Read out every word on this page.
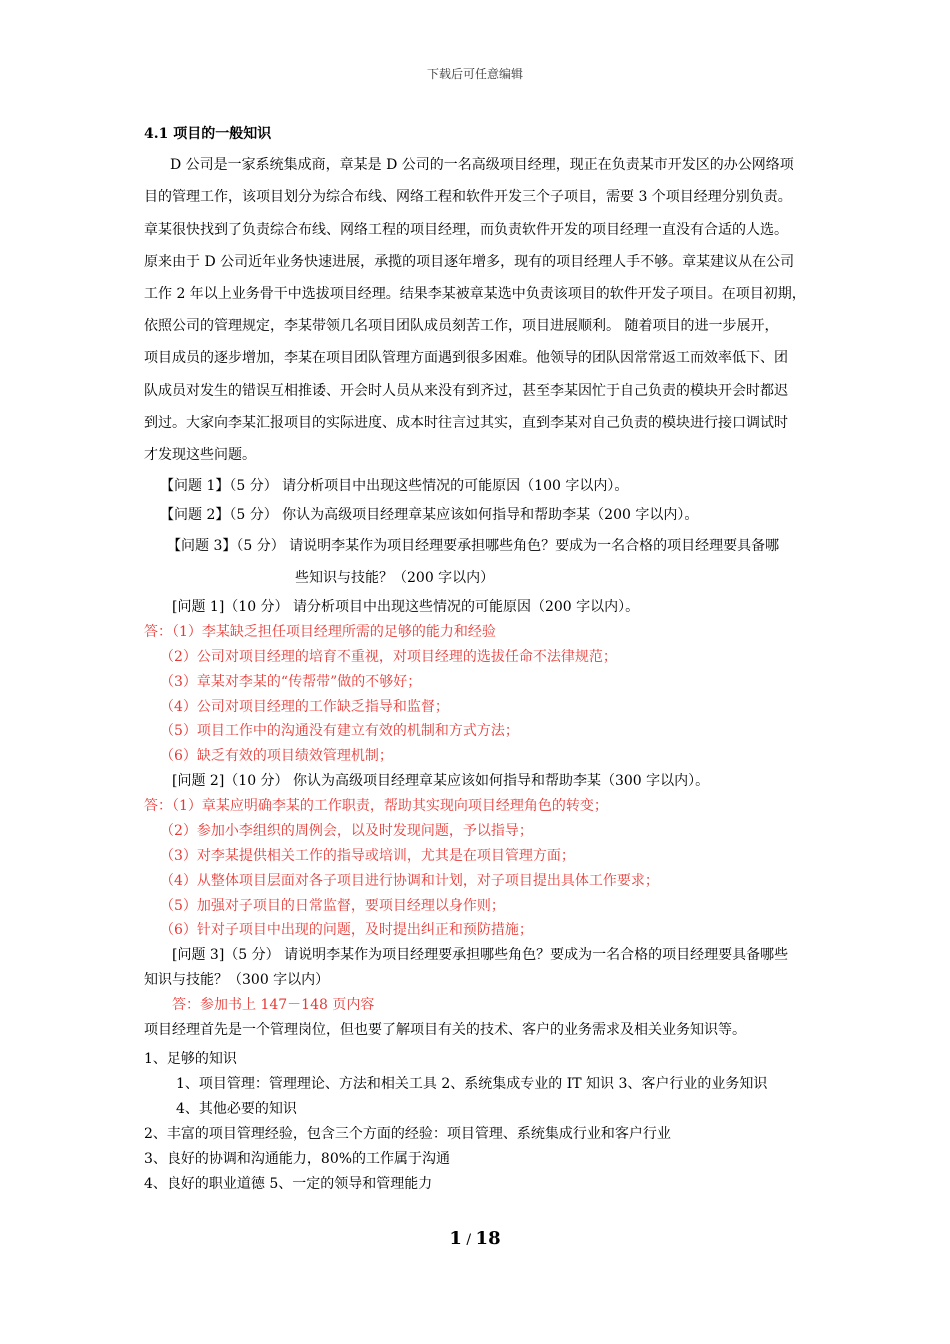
下载后可任意编辑
4.1 项目的一般知识
D 公司是一家系统集成商，章某是 D 公司的一名高级项目经理，现正在负责某市开发区的办公网络项
目的管理工作，该项目划分为综合布线、网络工程和软件开发三个子项目，需要 3 个项目经理分别负责。
章某很快找到了负责综合布线、网络工程的项目经理，而负责软件开发的项目经理一直没有合适的人选。
原来由于 D 公司近年业务快速进展，承揽的项目逐年增多，现有的项目经理人手不够。章某建议从在公司
工作 2 年以上业务骨干中选拔项目经理。结果李某被章某选中负责该项目的软件开发子项目。在项目初期，
依照公司的管理规定，李某带领几名项目团队成员刻苦工作，项目进展顺利。 随着项目的进一步展开，
项目成员的逐步增加，李某在项目团队管理方面遇到很多困难。他领导的团队因常常返工而效率低下、团
队成员对发生的错误互相推诿、开会时人员从来没有到齐过，甚至李某因忙于自己负责的模块开会时都迟
到过。大家向李某汇报项目的实际进度、成本时往言过其实，直到李某对自己负责的模块进行接口调试时
才发现这些问题。
【问题 1】（5 分） 请分析项目中出现这些情况的可能原因（100 字以内）。
【问题 2】（5 分） 你认为高级项目经理章某应该如何指导和帮助李某（200 字以内）。
【问题 3】（5 分） 请说明李某作为项目经理要承担哪些角色？要成为一名合格的项目经理要具备哪
些知识与技能？（200 字以内）
[问题 1]（10 分） 请分析项目中出现这些情况的可能原因（200 字以内）。
答：（1）李某缺乏担任项目经理所需的足够的能力和经验
（2）公司对项目经理的培育不重视，对项目经理的选拔任命不法律规范；
（3）章某对李某的“传帮带”做的不够好；
（4）公司对项目经理的工作缺乏指导和监督；
（5）项目工作中的沟通没有建立有效的机制和方式方法；
（6）缺乏有效的项目绩效管理机制；
[问题 2]（10 分） 你认为高级项目经理章某应该如何指导和帮助李某（300 字以内）。
答：（1）章某应明确李某的工作职责，帮助其实现向项目经理角色的转变；
（2）参加小李组织的周例会，以及时发现问题，予以指导；
（3）对李某提供相关工作的指导或培训，尤其是在项目管理方面；
（4）从整体项目层面对各子项目进行协调和计划，对子项目提出具体工作要求；
（5）加强对子项目的日常监督，要项目经理以身作则；
（6）针对子项目中出现的问题，及时提出纠正和预防措施；
[问题 3]（5 分） 请说明李某作为项目经理要承担哪些角色？要成为一名合格的项目经理要具备哪些
知识与技能？（300 字以内）
答：参加书上 147－148 页内容
项目经理首先是一个管理岗位，但也要了解项目有关的技术、客户的业务需求及相关业务知识等。
1、足够的知识
1、项目管理：管理理论、方法和相关工具 2、系统集成专业的 IT 知识 3、客户行业的业务知识
4、其他必要的知识
2、丰富的项目管理经验，包含三个方面的经验：项目管理、系统集成行业和客户行业
3、良好的协调和沟通能力，80%的工作属于沟通
4、良好的职业道德 5、一定的领导和管理能力
1 / 18
